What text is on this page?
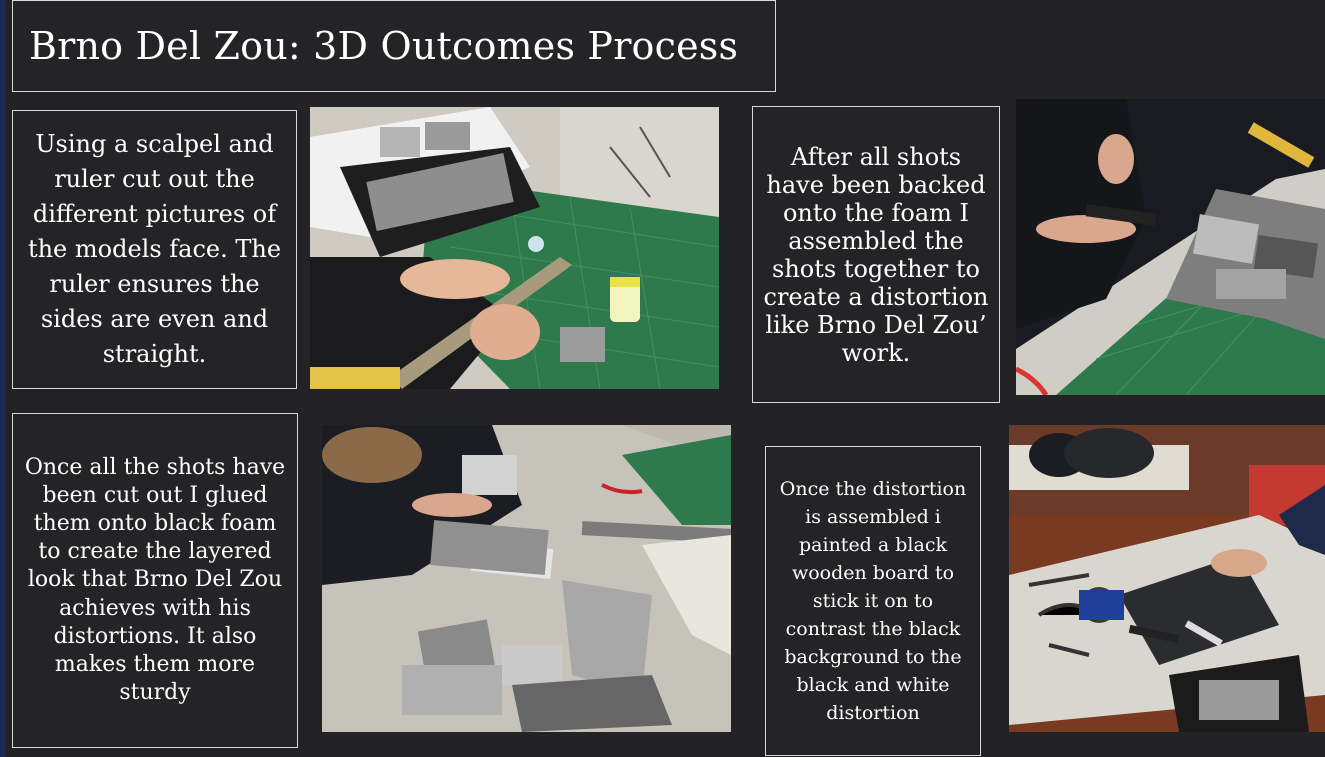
Brno Del Zou: 3D Outcomes Process
Using a scalpel and ruler cut out the different pictures of the models face. The ruler ensures the sides are even and straight.
After all shots have been backed onto the foam I assembled the shots together to create a distortion like Brno Del Zou’ work.
Once all the shots have been cut out I glued them onto black foam to create the layered look that Brno Del Zou achieves with his distortions. It also makes them more sturdy
Once the distortion is assembled i painted a black wooden board to stick it on to contrast the black background to the black and white distortion
